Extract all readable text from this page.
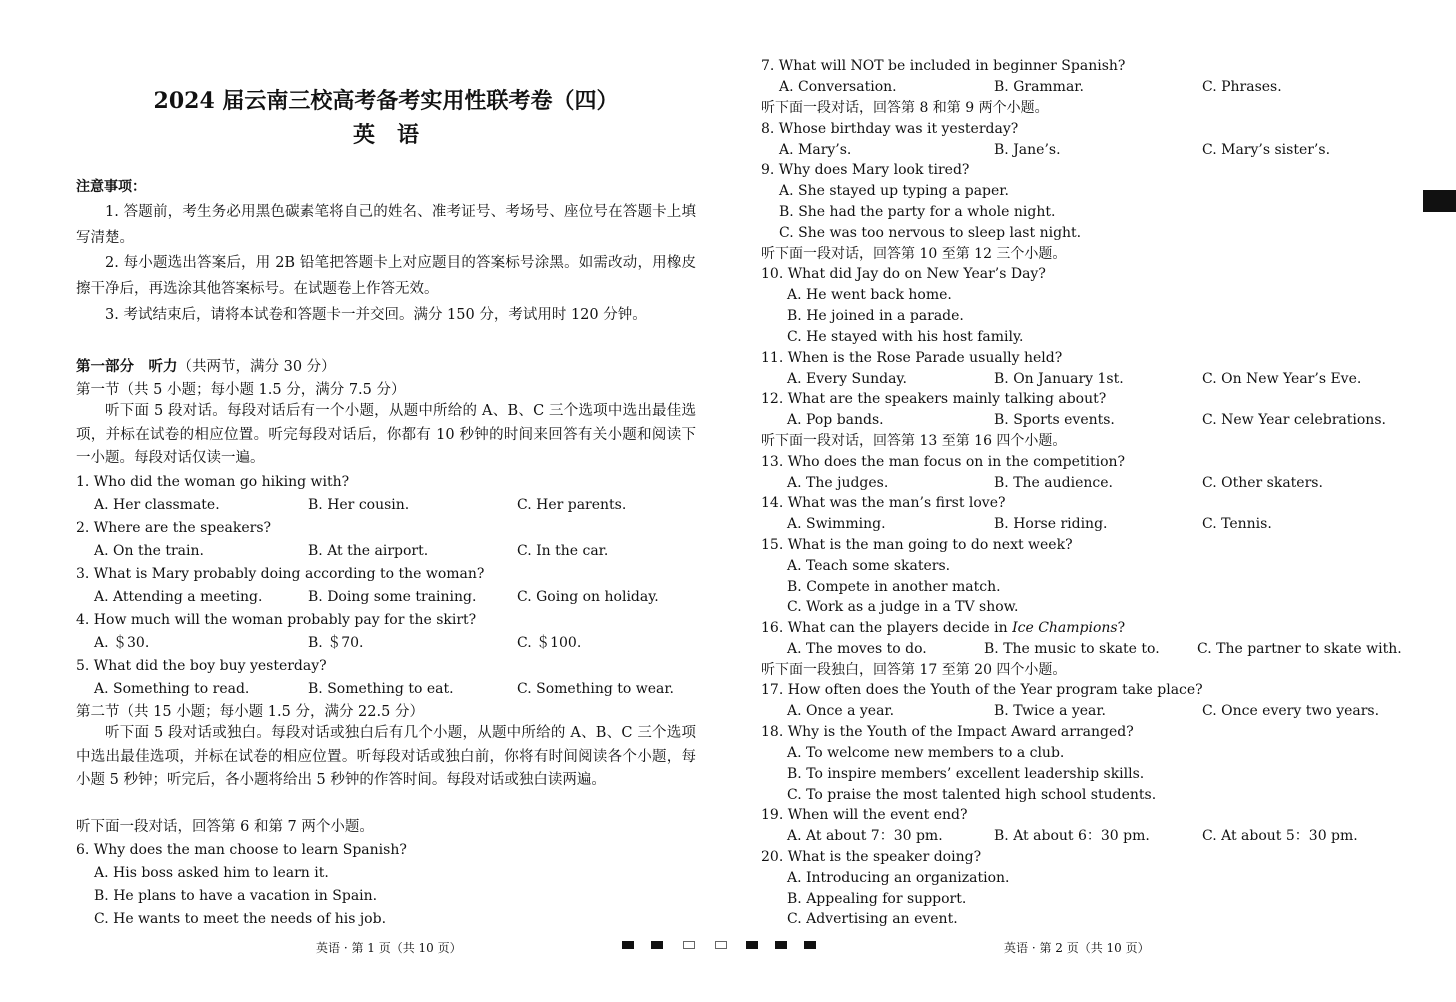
2024 届云南三校高考备考实用性联考卷（四）
英　语
注意事项：
1. 答题前，考生务必用黑色碳素笔将自己的姓名、准考证号、考场号、座位号在答题卡上填写清楚。
2. 每小题选出答案后，用 2B 铅笔把答题卡上对应题目的答案标号涂黑。如需改动，用橡皮擦干净后，再选涂其他答案标号。在试题卷上作答无效。
3. 考试结束后，请将本试卷和答题卡一并交回。满分 150 分，考试用时 120 分钟。
第一部分　听力（共两节，满分 30 分）
第一节（共 5 小题；每小题 1.5 分，满分 7.5 分）
听下面 5 段对话。每段对话后有一个小题，从题中所给的 A、B、C 三个选项中选出最佳选项，并标在试卷的相应位置。听完每段对话后，你都有 10 秒钟的时间来回答有关小题和阅读下一小题。每段对话仅读一遍。
1. Who did the woman go hiking with?
A. Her classmate.	B. Her cousin.	C. Her parents.
2. Where are the speakers?
A. On the train.	B. At the airport.	C. In the car.
3. What is Mary probably doing according to the woman?
A. Attending a meeting.	B. Doing some training.	C. Going on holiday.
4. How much will the woman probably pay for the skirt?
A. ＄30.	B. ＄70.	C. ＄100.
5. What did the boy buy yesterday?
A. Something to read.	B. Something to eat.	C. Something to wear.
第二节（共 15 小题；每小题 1.5 分，满分 22.5 分）
听下面 5 段对话或独白。每段对话或独白后有几个小题，从题中所给的 A、B、C 三个选项中选出最佳选项，并标在试卷的相应位置。听每段对话或独白前，你将有时间阅读各个小题，每小题 5 秒钟；听完后，各小题将给出 5 秒钟的作答时间。每段对话或独白读两遍。
听下面一段对话，回答第 6 和第 7 两个小题。
6. Why does the man choose to learn Spanish?
A. His boss asked him to learn it.
B. He plans to have a vacation in Spain.
C. He wants to meet the needs of his job.
7. What will NOT be included in beginner Spanish?
A. Conversation.	B. Grammar.	C. Phrases.
听下面一段对话，回答第 8 和第 9 两个小题。
8. Whose birthday was it yesterday?
A. Mary’s.	B. Jane’s.	C. Mary’s sister’s.
9. Why does Mary look tired?
A. She stayed up typing a paper.
B. She had the party for a whole night.
C. She was too nervous to sleep last night.
听下面一段对话，回答第 10 至第 12 三个小题。
10. What did Jay do on New Year’s Day?
A. He went back home.
B. He joined in a parade.
C. He stayed with his host family.
11. When is the Rose Parade usually held?
A. Every Sunday.	B. On January 1st.	C. On New Year’s Eve.
12. What are the speakers mainly talking about?
A. Pop bands.	B. Sports events.	C. New Year celebrations.
听下面一段对话，回答第 13 至第 16 四个小题。
13. Who does the man focus on in the competition?
A. The judges.	B. The audience.	C. Other skaters.
14. What was the man’s first love?
A. Swimming.	B. Horse riding.	C. Tennis.
15. What is the man going to do next week?
A. Teach some skaters.
B. Compete in another match.
C. Work as a judge in a TV show.
16. What can the players decide in Ice Champions?
A. The moves to do.	B. The music to skate to.	C. The partner to skate with.
听下面一段独白，回答第 17 至第 20 四个小题。
17. How often does the Youth of the Year program take place?
A. Once a year.	B. Twice a year.	C. Once every two years.
18. Why is the Youth of the Impact Award arranged?
A. To welcome new members to a club.
B. To inspire members’ excellent leadership skills.
C. To praise the most talented high school students.
19. When will the event end?
A. At about 7：30 pm.	B. At about 6：30 pm.	C. At about 5：30 pm.
20. What is the speaker doing?
A. Introducing an organization.
B. Appealing for support.
C. Advertising an event.
英语 · 第 1 页（共 10 页）	英语 · 第 2 页（共 10 页）
